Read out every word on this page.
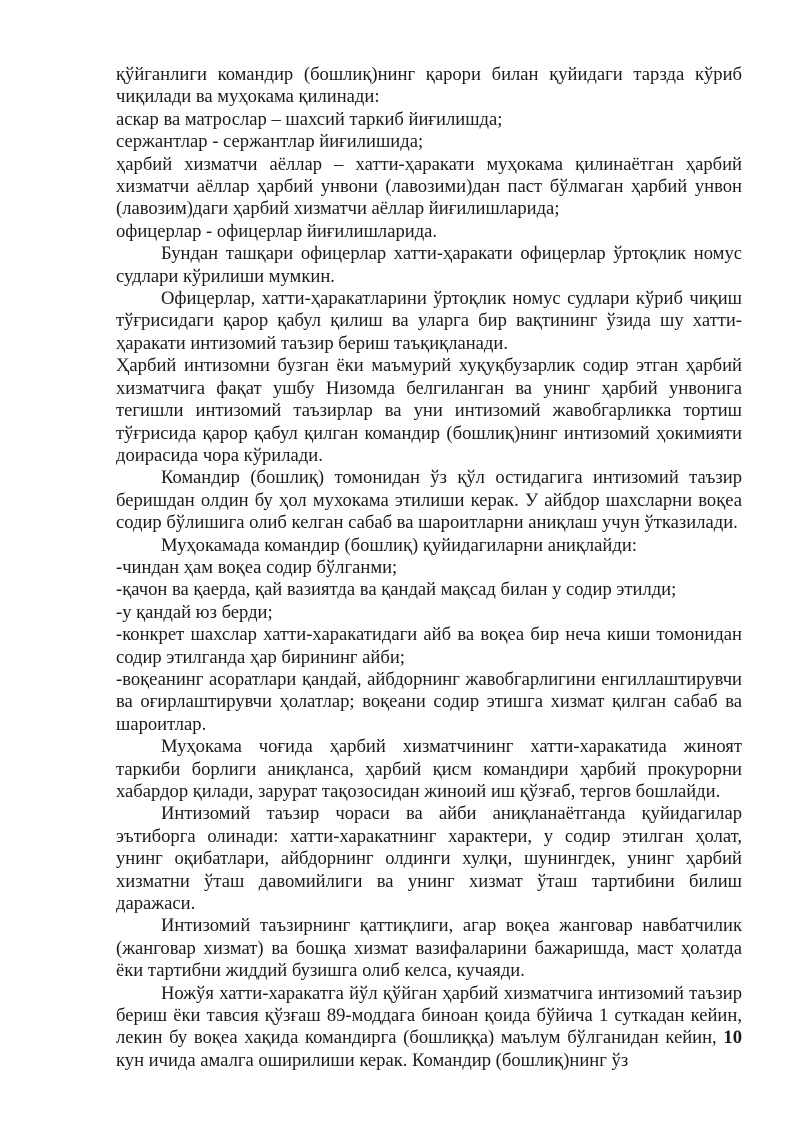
қўйганлиги командир (бошлиқ)нинг қарори билан қуйидаги тарзда кўриб чиқилади ва муҳокама қилинади:

аскар ва матрослар – шахсий таркиб йиғилишда;

сержантлар - сержантлар йиғилишида;

ҳарбий хизматчи аёллар – хатти-ҳаракати муҳокама қилинаётган ҳарбий хизматчи аёллар ҳарбий унвони (лавозими)дан паст бўлмаган ҳарбий унвон (лавозим)даги ҳарбий хизматчи аёллар йиғилишларида;

офицерлар - офицерлар йиғилишларида.

Бундан ташқари офицерлар хатти-ҳаракати офицерлар ўртоқлик номус судлари кўрилиши мумкин.

Офицерлар, хатти-ҳаракатларини ўртоқлик номус судлари кўриб чиқиш тўғрисидаги қарор қабул қилиш ва уларга бир вақтининг ўзида шу хатти-ҳаракати интизомий таъзир бериш таъқиқланади.

Ҳарбий интизомни бузган ёки маъмурий хуқуқбузарлик содир этган ҳарбий хизматчига фақат ушбу Низомда белгиланган ва унинг ҳарбий унвонига тегишли интизомий таъзирлар ва уни интизомий жавобгарликка тортиш тўғрисида қарор қабул қилган командир (бошлиқ)нинг интизомий ҳокимияти доирасида чора кўрилади.

Командир (бошлиқ) томонидан ўз қўл остидагига интизомий таъзир беришдан олдин бу ҳол мухокама этилиши керак. У айбдор шахсларни воқеа содир бўлишига олиб келган сабаб ва шароитларни аниқлаш учун ўтказилади.

Муҳокамада командир (бошлиқ) қуйидагиларни аниқлайди:

-чиндан ҳам воқеа содир бўлганми;

-қачон ва қаерда, қай вазиятда ва қандай мақсад билан у содир этилди;

-у қандай юз берди;

-конкрет шахслар хатти-харакатидаги айб ва воқеа бир неча киши томонидан содир этилганда ҳар бирининг айби;

-воқеанинг асоратлари қандай, айбдорнинг жавобгарлигини енгиллаштирувчи ва оғирлаштирувчи ҳолатлар; воқеани содир этишга хизмат қилган сабаб ва шароитлар.

Муҳокама чоғида ҳарбий хизматчининг хатти-харакатида жиноят таркиби борлиги аниқланса, ҳарбий қисм командири ҳарбий прокурорни хабардор қилади, зарурат тақозосидан жиноий иш қўзғаб, тергов бошлайди.

Интизомий таъзир чораси ва айби аниқланаётганда қуйидагилар эътиборга олинади: хатти-харакатнинг характери, у содир этилган ҳолат, унинг оқибатлари, айбдорнинг олдинги хулқи, шунингдек, унинг ҳарбий хизматни ўташ давомийлиги ва унинг хизмат ўташ тартибини билиш даражаси.

Интизомий таъзирнинг қаттиқлиги, агар воқеа жанговар навбатчилик (жанговар хизмат) ва бошқа хизмат вазифаларини бажаришда, маст ҳолатда ёки тартибни жиддий бузишга олиб келса, кучаяди.

Ножўя хатти-харакатга йўл қўйган ҳарбий хизматчига интизомий таъзир бериш ёки тавсия қўзғаш 89-моддага биноан қоида бўйича 1 суткадан кейин, лекин бу воқеа хақида командирга (бошлиққа) маълум бўлганидан кейин, 10 кун ичида амалга оширилиши керак. Командир (бошлиқ)нинг ўз
